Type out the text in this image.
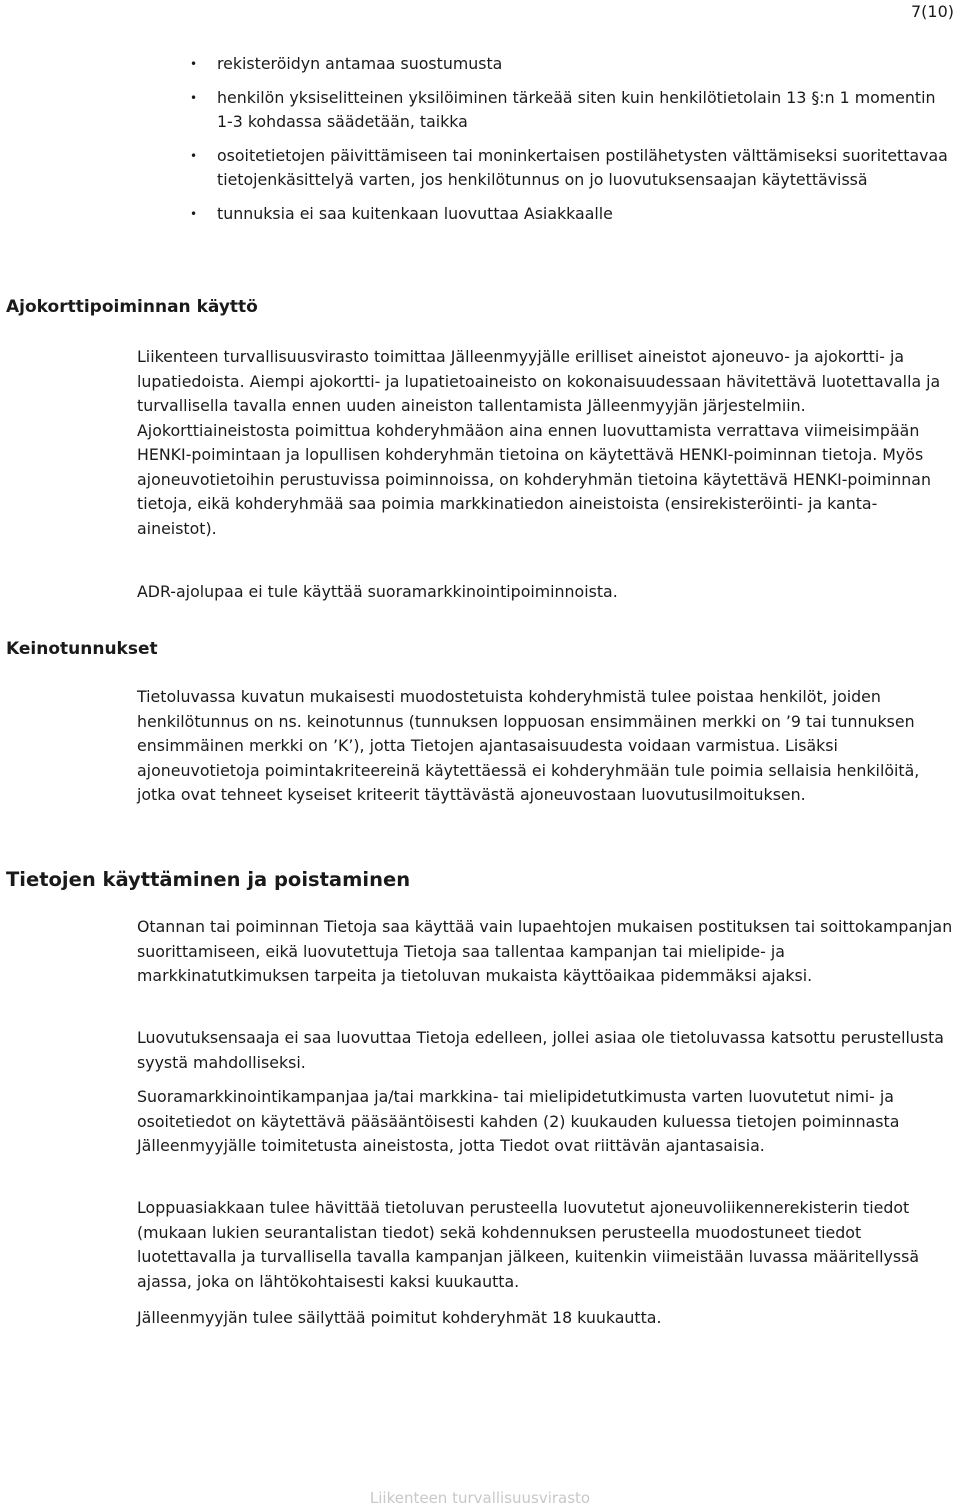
7(10)
• rekisteröidyn antamaa suostumusta
• henkilön yksiselitteinen yksilöiminen tärkeää siten kuin henkilötietolain 13 §:n 1 momentin 1-3 kohdassa säädetään, taikka
• osoitetietojen päivittämiseen tai moninkertaisen postilähetysten välttämiseksi suoritettavaa tietojenkäsittelyä varten, jos henkilötunnus on jo luovutuksensaajan käytettävissä
• tunnuksia ei saa kuitenkaan luovuttaa Asiakkaalle
Ajokorttipoiminnan käyttö

Liikenteen turvallisuusvirasto toimittaa Jälleenmyyjälle erilliset aineistot ajoneuvo- ja ajokortti- ja lupatiedoista. Aiempi ajokortti- ja lupatietoaineisto on kokonaisuudessaan hävitettävä luotettavalla ja turvallisella tavalla ennen uuden aineiston tallentamista Jälleenmyyjän järjestelmiin. Ajokorttiaineistosta poimittua kohderyhmääon aina ennen luovuttamista verrattava viimeisimpään HENKI-poimintaan ja lopullisen kohderyhmän tietoina on käytettävä HENKI-poiminnan tietoja. Myös ajoneuvotietoihin perustuvissa poiminnoissa, on kohderyhmän tietoina käytettävä HENKI-poiminnan tietoja, eikä kohderyhmää saa poimia markkinatiedon aineistoista (ensirekisteröinti- ja kanta-aineistot).

ADR-ajolupaa ei tule käyttää suoramarkkinointipoiminnoista.

Keinotunnukset

Tietoluvassa kuvatun mukaisesti muodostetuista kohderyhmistä tulee poistaa henkilöt, joiden henkilötunnus on ns. keinotunnus (tunnuksen loppuosan ensimmäinen merkki on ’9 tai tunnuksen ensimmäinen merkki on ’K’), jotta Tietojen ajantasaisuudesta voidaan varmistua. Lisäksi ajoneuvotietoja poimintakriteereinä käytettäessä ei kohderyhmään tule poimia sellaisia henkilöitä, jotka ovat tehneet kyseiset kriteerit täyttävästä ajoneuvostaan luovutusilmoituksen.

Tietojen käyttäminen ja poistaminen

Otannan tai poiminnan Tietoja saa käyttää vain lupaehtojen mukaisen postituksen tai soittokampanjan suorittamiseen, eikä luovutettuja Tietoja saa tallentaa kampanjan tai mielipide- ja markkinatutkimuksen tarpeita ja tietoluvan mukaista käyttöaikaa pidemmäksi ajaksi.

Luovutuksensaaja ei saa luovuttaa Tietoja edelleen, jollei asiaa ole tietoluvassa katsottu perustellusta syystä mahdolliseksi.

Suoramarkkinointikampanjaa ja/tai markkina- tai mielipidetutkimusta varten luovutetut nimi- ja osoitetiedot on käytettävä pääsääntöisesti kahden (2) kuukauden kuluessa tietojen poiminnasta Jälleenmyyjälle toimitetusta aineistosta, jotta Tiedot ovat riittävän ajantasaisia.

Loppuasiakkaan tulee hävittää tietoluvan perusteella luovutetut ajoneuvoliikennerekisterin tiedot (mukaan lukien seurantalistan tiedot) sekä kohdennuksen perusteella muodostuneet tiedot luotettavalla ja turvallisella tavalla kampanjan jälkeen, kuitenkin viimeistään luvassa määritellyssä ajassa, joka on lähtökohtaisesti kaksi kuukautta.

Jälleenmyyjän tulee säilyttää poimitut kohderyhmät 18 kuukautta.

Liikenteen turvallisuusvirasto
